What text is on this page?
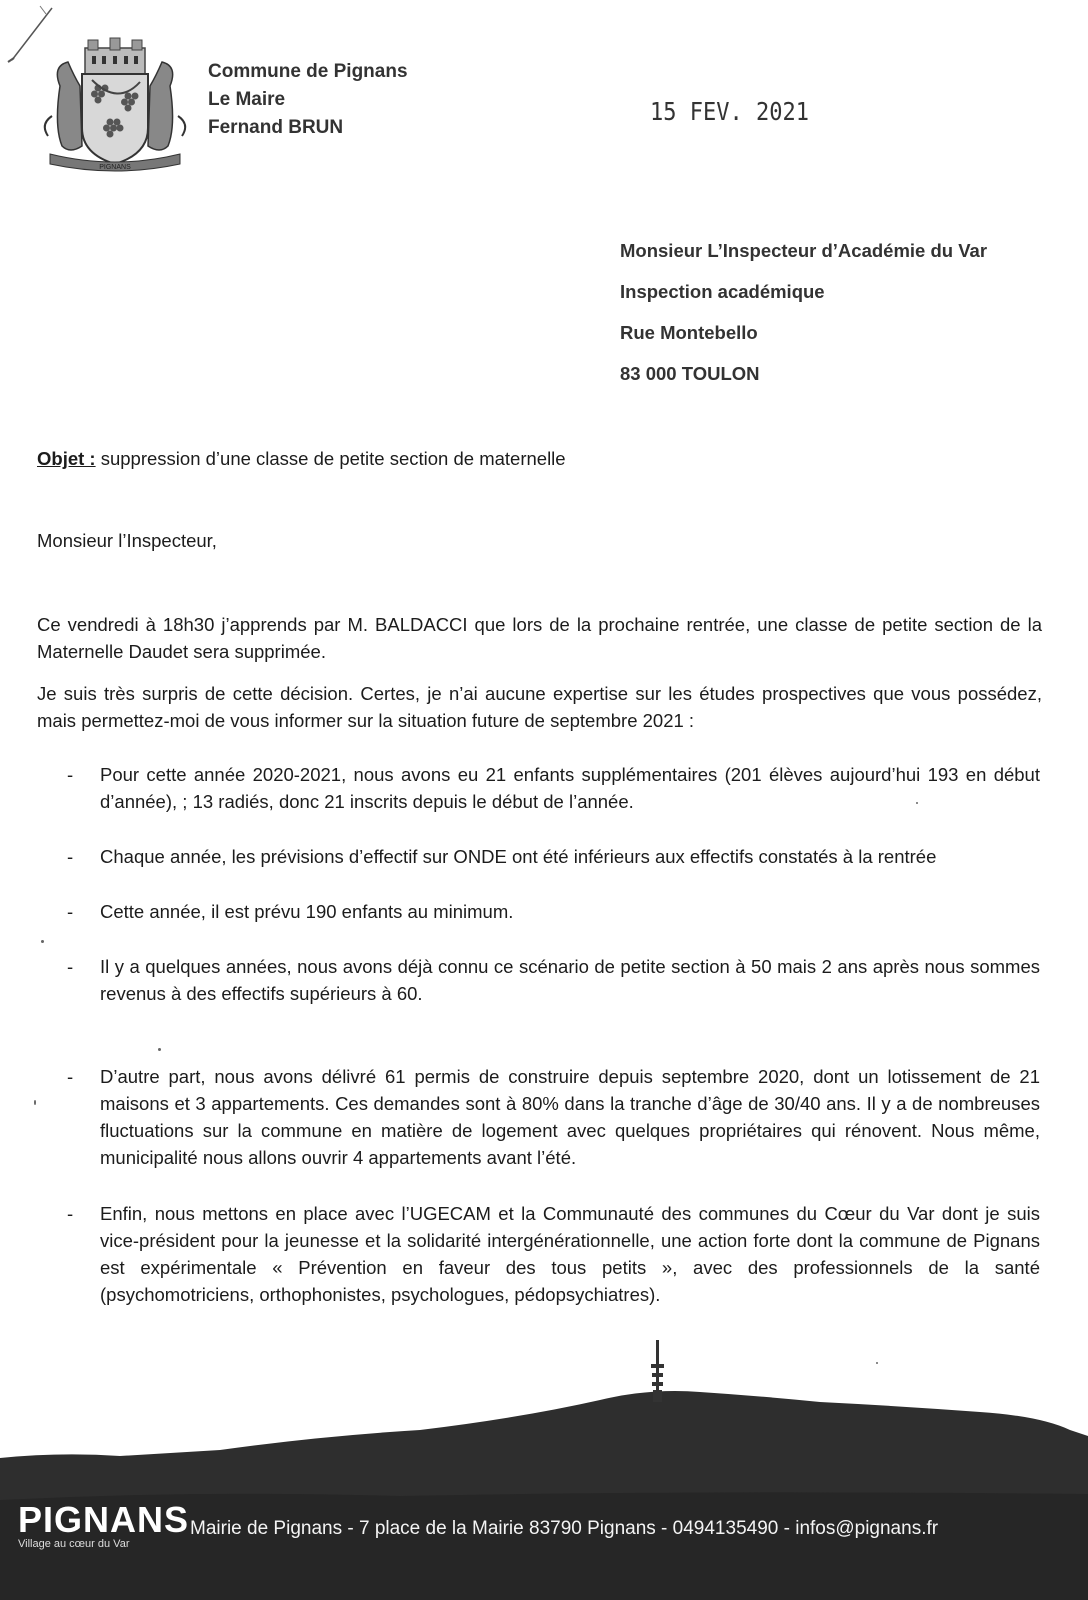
PIGNANS
Commune de Pignans
Le Maire
Fernand BRUN
15 FEV. 2021
Monsieur L’Inspecteur d’Académie du Var
Inspection académique
Rue Montebello
83 000 TOULON
Objet : suppression d’une classe de petite section de maternelle
Monsieur l’Inspecteur,
Ce vendredi à 18h30 j’apprends par M. BALDACCI que lors de la prochaine rentrée, une classe de petite section de la Maternelle Daudet sera supprimée.
Je suis très surpris de cette décision. Certes, je n’ai aucune expertise sur les études prospectives que vous possédez, mais permettez-moi de vous informer sur la situation future de septembre 2021 :
- Pour cette année 2020-2021, nous avons eu 21 enfants supplémentaires (201 élèves aujourd’hui 193 en début d’année), ; 13 radiés, donc 21 inscrits depuis le début de l’année.
- Chaque année, les prévisions d’effectif sur ONDE ont été inférieurs aux effectifs constatés à la rentrée
- Cette année, il est prévu 190 enfants au minimum.
- Il y a quelques années, nous avons déjà connu ce scénario de petite section à 50 mais 2 ans après nous sommes revenus à des effectifs supérieurs à 60.
- D’autre part, nous avons délivré 61 permis de construire depuis septembre 2020, dont un lotissement de 21 maisons et 3 appartements. Ces demandes sont à 80% dans la tranche d’âge de 30/40 ans. Il y a de nombreuses fluctuations sur la commune en matière de logement avec quelques propriétaires qui rénovent. Nous même, municipalité nous allons ouvrir 4 appartements avant l’été.
- Enfin, nous mettons en place avec l’UGECAM et la Communauté des communes du Cœur du Var dont je suis vice-président pour la jeunesse et la solidarité intergénérationnelle, une action forte dont la commune de Pignans est expérimentale « Prévention en faveur des tous petits », avec des professionnels de la santé (psychomotriciens, orthophonistes, psychologues, pédopsychiatres).
PIGNANS
Village au cœur du Var
Mairie de Pignans - 7 place de la Mairie 83790 Pignans - 0494135490 - infos@pignans.fr
